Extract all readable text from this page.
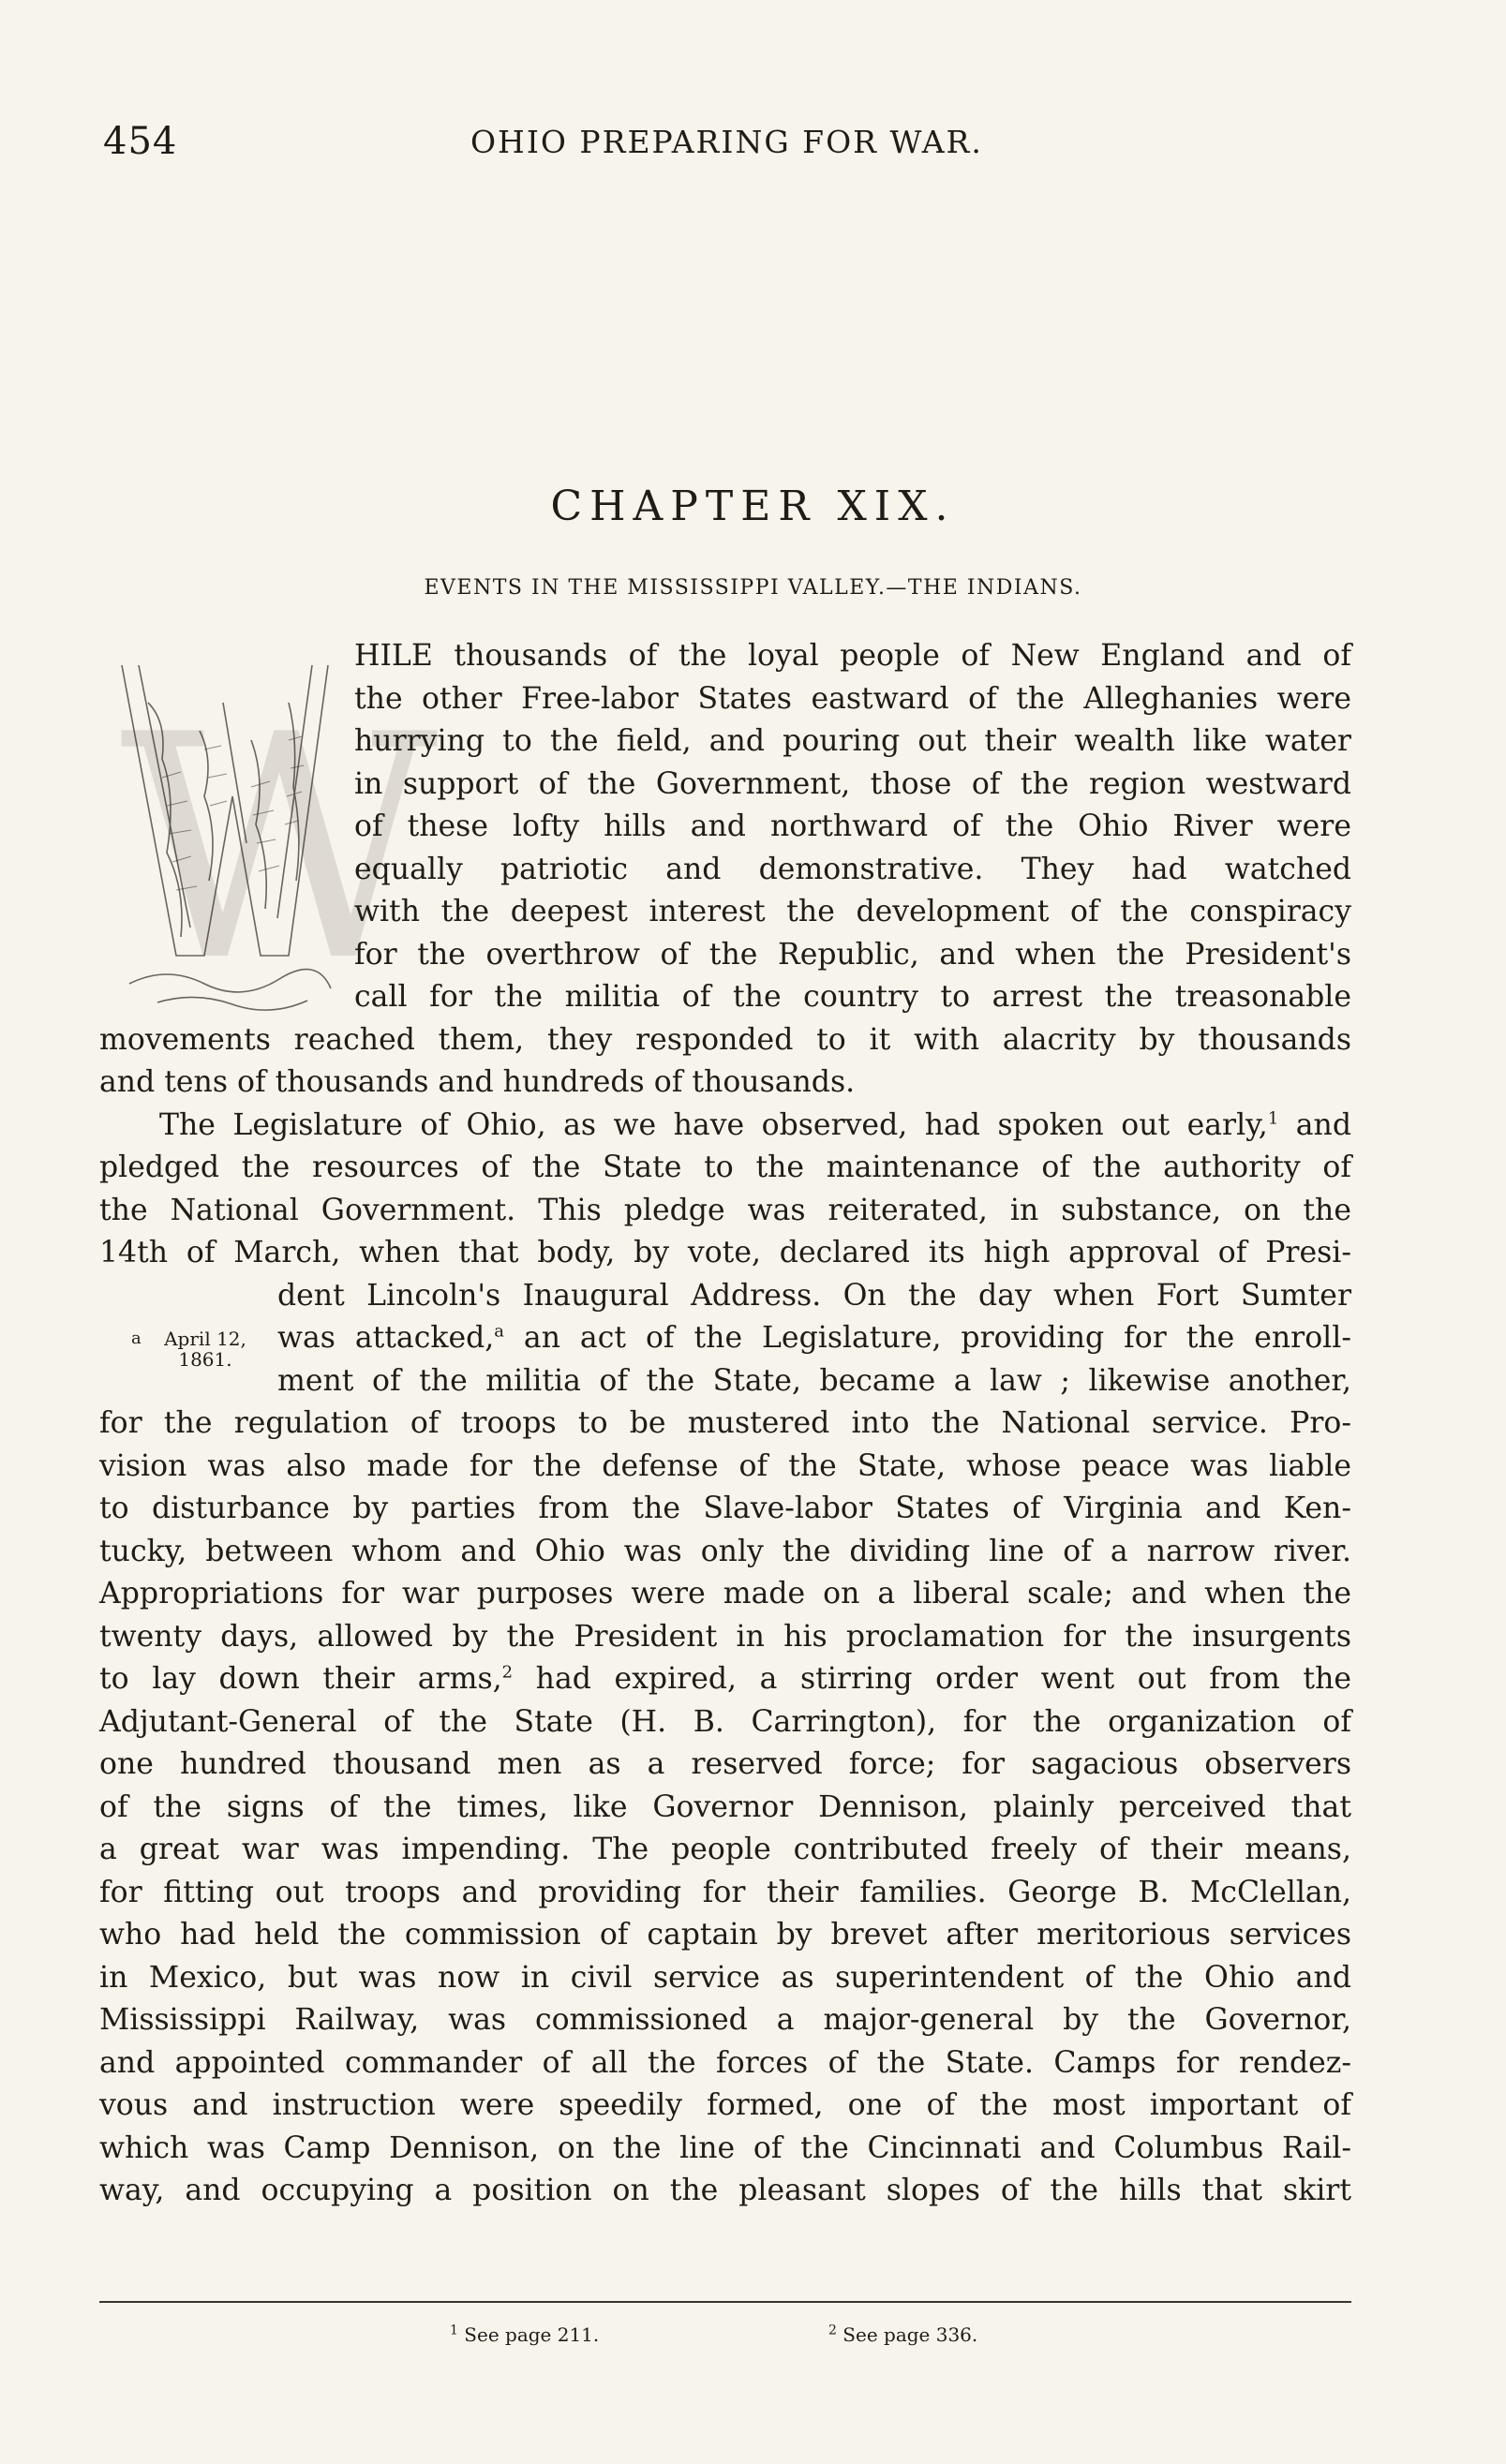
454	OHIO PREPARING FOR WAR.
CHAPTER XIX.
EVENTS IN THE MISSISSIPPI VALLEY.—THE INDIANS.
W
HILE thousands of the loyal people of New England and of
the other Free-labor States eastward of the Alleghanies were
hurrying to the field, and pouring out their wealth like water
in support of the Government, those of the region westward
of these lofty hills and northward of the Ohio River were
equally patriotic and demonstrative. They had watched
with the deepest interest the development of the conspiracy
for the overthrow of the Republic, and when the President's
call for the militia of the country to arrest the treasonable
movements reached them, they responded to it with alacrity by thousands
and tens of thousands and hundreds of thousands.
The Legislature of Ohio, as we have observed, had spoken out early,$^1$ and
pledged the resources of the State to the maintenance of the authority of
the National Government. This pledge was reiterated, in substance, on the
14th of March, when that body, by vote, declared its high approval of Presi-
dent Lincoln's Inaugural Address. On the day when Fort Sumter
was attacked,$^a$ an act of the Legislature, providing for the enroll-
ment of the militia of the State, became a law ; likewise another,
for the regulation of troops to be mustered into the National service. Pro-
vision was also made for the defense of the State, whose peace was liable
to disturbance by parties from the Slave-labor States of Virginia and Ken-
tucky, between whom and Ohio was only the dividing line of a narrow river.
Appropriations for war purposes were made on a liberal scale; and when the
twenty days, allowed by the President in his proclamation for the insurgents
to lay down their arms,$^2$ had expired, a stirring order went out from the
Adjutant-General of the State (H. B. Carrington), for the organization of
one hundred thousand men as a reserved force; for sagacious observers
of the signs of the times, like Governor Dennison, plainly perceived that
a great war was impending. The people contributed freely of their means,
for fitting out troops and providing for their families. George B. McClellan,
who had held the commission of captain by brevet after meritorious services
in Mexico, but was now in civil service as superintendent of the Ohio and
Mississippi Railway, was commissioned a major-general by the Governor,
and appointed commander of all the forces of the State. Camps for rendez-
vous and instruction were speedily formed, one of the most important of
which was Camp Dennison, on the line of the Cincinnati and Columbus Rail-
way, and occupying a position on the pleasant slopes of the hills that skirt
a	April 12,
1861.
$^1$ See page 211.	$^2$ See page 336.
